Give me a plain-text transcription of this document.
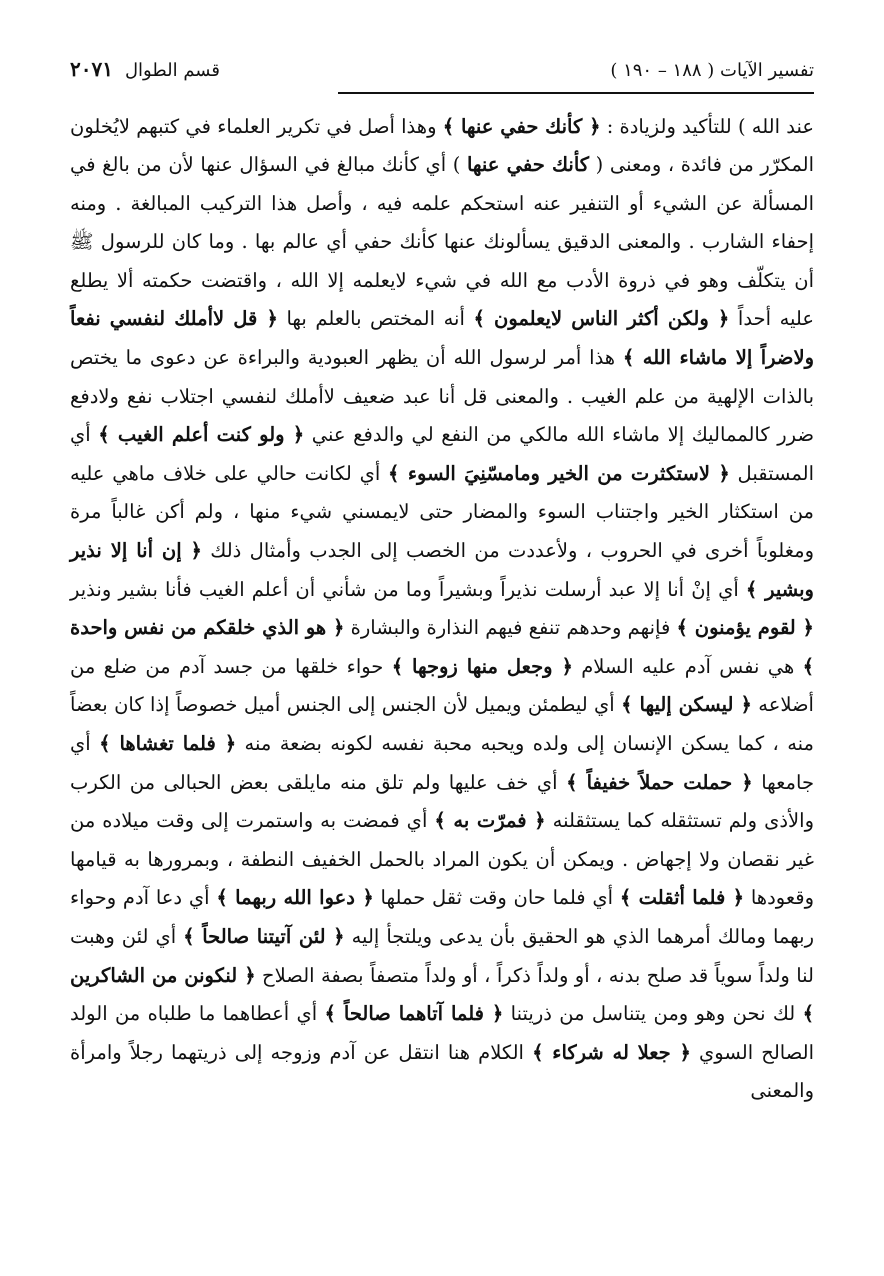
تفسير الآيات ( ١٨٨ – ١٩٠ )
قسم الطوال
٢٠٧١
عند الله ) للتأكيد ولزيادة : ﴿ كأنك حفي عنها ﴾ وهذا أصل في تكرير العلماء في كتبهم لايُخلون المكرّر من فائدة ، ومعنى ( كأنك حفي عنها ) أي كأنك مبالغ في السؤال عنها لأن من بالغ في المسألة عن الشيء أو التنفير عنه استحكم علمه فيه ، وأصل هذا التركيب المبالغة . ومنه إحفاء الشارب . والمعنى الدقيق يسألونك عنها كأنك حفي أي عالم بها . وما كان للرسول ﷺ أن يتكلّف وهو في ذروة الأدب مع الله في شيء لايعلمه إلا الله ، واقتضت حكمته ألا يطلع عليه أحداً ﴿ ولكن أكثر الناس لايعلمون ﴾ أنه المختص بالعلم بها ﴿ قل لاأملك لنفسي نفعاً ولاضراً إلا ماشاء الله ﴾ هذا أمر لرسول الله أن يظهر العبودية والبراءة عن دعوى ما يختص بالذات الإلهية من علم الغيب . والمعنى قل أنا عبد ضعيف لاأملك لنفسي اجتلاب نفع ولادفع ضرر كالمماليك إلا ماشاء الله مالكي من النفع لي والدفع عني ﴿ ولو كنت أعلم الغيب ﴾ أي المستقبل ﴿ لاستكثرت من الخير ومامسّنِيَ السوء ﴾ أي لكانت حالي على خلاف ماهي عليه من استكثار الخير واجتناب السوء والمضار حتى لايمسني شيء منها ، ولم أكن غالباً مرة ومغلوباً أخرى في الحروب ، ولأعددت من الخصب إلى الجدب وأمثال ذلك ﴿ إن أنا إلا نذير وبشير ﴾ أي إنْ أنا إلا عبد أرسلت نذيراً وبشيراً وما من شأني أن أعلم الغيب فأنا بشير ونذير ﴿ لقوم يؤمنون ﴾ فإنهم وحدهم تنفع فيهم النذارة والبشارة ﴿ هو الذي خلقكم من نفس واحدة ﴾ هي نفس آدم عليه السلام ﴿ وجعل منها زوجها ﴾ حواء خلقها من جسد آدم من ضلع من أضلاعه ﴿ ليسكن إليها ﴾ أي ليطمئن ويميل لأن الجنس إلى الجنس أميل خصوصاً إذا كان بعضاً منه ، كما يسكن الإنسان إلى ولده ويحبه محبة نفسه لكونه بضعة منه ﴿ فلما تغشاها ﴾ أي جامعها ﴿ حملت حملاً خفيفاً ﴾ أي خف عليها ولم تلق منه مايلقى بعض الحبالى من الكرب والأذى ولم تستثقله كما يستثقلنه ﴿ فمرّت به ﴾ أي فمضت به واستمرت إلى وقت ميلاده من غير نقصان ولا إجهاض . ويمكن أن يكون المراد بالحمل الخفيف النطفة ، وبمرورها به قيامها وقعودها ﴿ فلما أثقلت ﴾ أي فلما حان وقت ثقل حملها ﴿ دعوا الله ربهما ﴾ أي دعا آدم وحواء ربهما ومالك أمرهما الذي هو الحقيق بأن يدعى ويلتجأ إليه ﴿ لئن آتيتنا صالحاً ﴾ أي لئن وهبت لنا ولداً سوياً قد صلح بدنه ، أو ولداً ذكراً ، أو ولداً متصفاً بصفة الصلاح ﴿ لنكونن من الشاكرين ﴾ لك نحن وهو ومن يتناسل من ذريتنا ﴿ فلما آتاهما صالحاً ﴾ أي أعطاهما ما طلباه من الولد الصالح السوي ﴿ جعلا له شركاء ﴾ الكلام هنا انتقل عن آدم وزوجه إلى ذريتهما رجلاً وامرأة والمعنى
